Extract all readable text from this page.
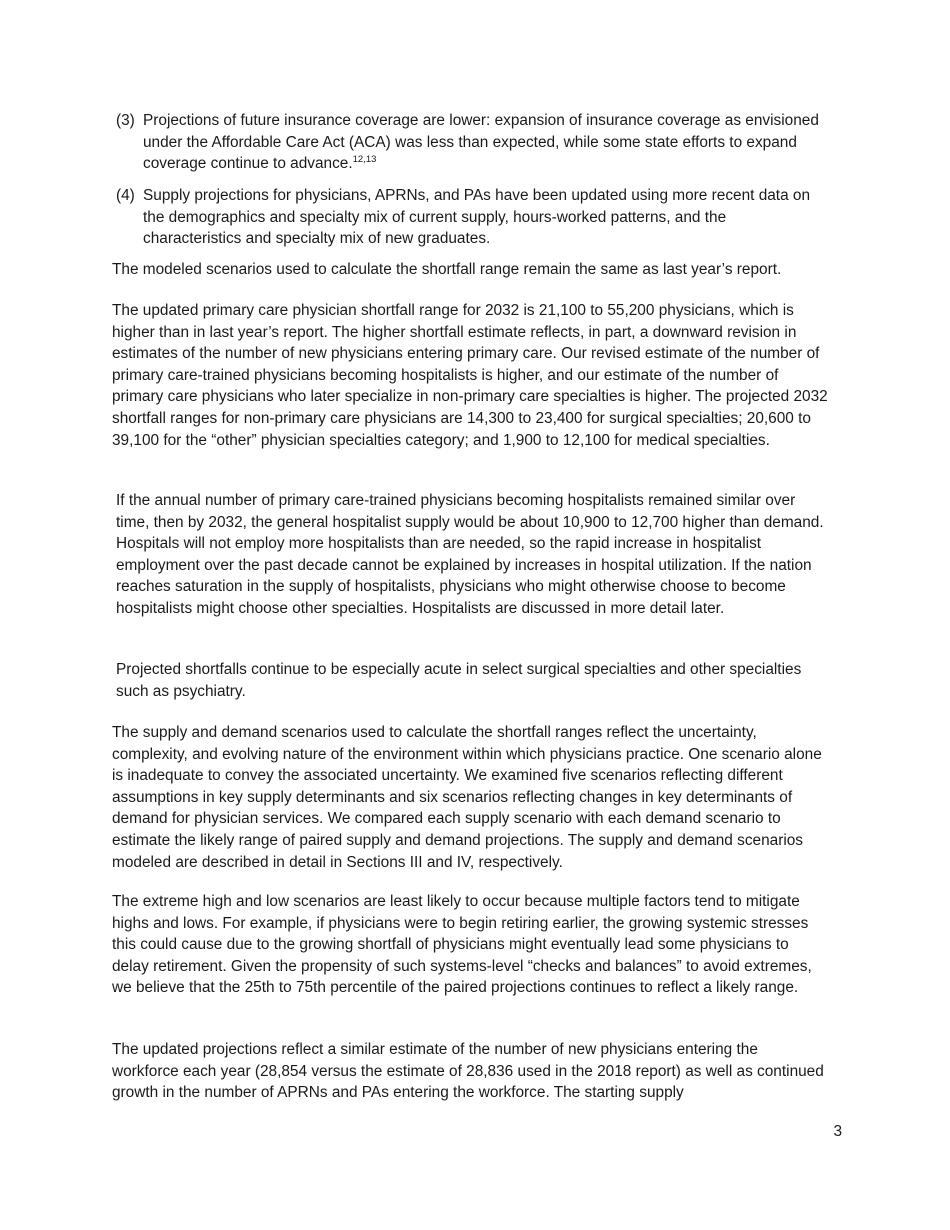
(3) Projections of future insurance coverage are lower: expansion of insurance coverage as envisioned under the Affordable Care Act (ACA) was less than expected, while some state efforts to expand coverage continue to advance.$^{12,13}$
(4) Supply projections for physicians, APRNs, and PAs have been updated using more recent data on the demographics and specialty mix of current supply, hours-worked patterns, and the characteristics and specialty mix of new graduates.

The modeled scenarios used to calculate the shortfall range remain the same as last year’s report.

The updated primary care physician shortfall range for 2032 is 21,100 to 55,200 physicians, which is higher than in last year’s report. The higher shortfall estimate reflects, in part, a downward revision in estimates of the number of new physicians entering primary care. Our revised estimate of the number of primary care-trained physicians becoming hospitalists is higher, and our estimate of the number of primary care physicians who later specialize in non-primary care specialties is higher. The projected 2032 shortfall ranges for non-primary care physicians are 14,300 to 23,400 for surgical specialties; 20,600 to 39,100 for the “other” physician specialties category; and 1,900 to 12,100 for medical specialties.

If the annual number of primary care-trained physicians becoming hospitalists remained similar over time, then by 2032, the general hospitalist supply would be about 10,900 to 12,700 higher than demand. Hospitals will not employ more hospitalists than are needed, so the rapid increase in hospitalist employment over the past decade cannot be explained by increases in hospital utilization. If the nation reaches saturation in the supply of hospitalists, physicians who might otherwise choose to become hospitalists might choose other specialties. Hospitalists are discussed in more detail later.

Projected shortfalls continue to be especially acute in select surgical specialties and other specialties such as psychiatry.

The supply and demand scenarios used to calculate the shortfall ranges reflect the uncertainty, complexity, and evolving nature of the environment within which physicians practice. One scenario alone is inadequate to convey the associated uncertainty. We examined five scenarios reflecting different assumptions in key supply determinants and six scenarios reflecting changes in key determinants of demand for physician services. We compared each supply scenario with each demand scenario to estimate the likely range of paired supply and demand projections. The supply and demand scenarios modeled are described in detail in Sections III and IV, respectively.

The extreme high and low scenarios are least likely to occur because multiple factors tend to mitigate highs and lows. For example, if physicians were to begin retiring earlier, the growing systemic stresses this could cause due to the growing shortfall of physicians might eventually lead some physicians to delay retirement. Given the propensity of such systems-level “checks and balances” to avoid extremes, we believe that the 25th to 75th percentile of the paired projections continues to reflect a likely range.

The updated projections reflect a similar estimate of the number of new physicians entering the workforce each year (28,854 versus the estimate of 28,836 used in the 2018 report) as well as continued growth in the number of APRNs and PAs entering the workforce. The starting supply

3
